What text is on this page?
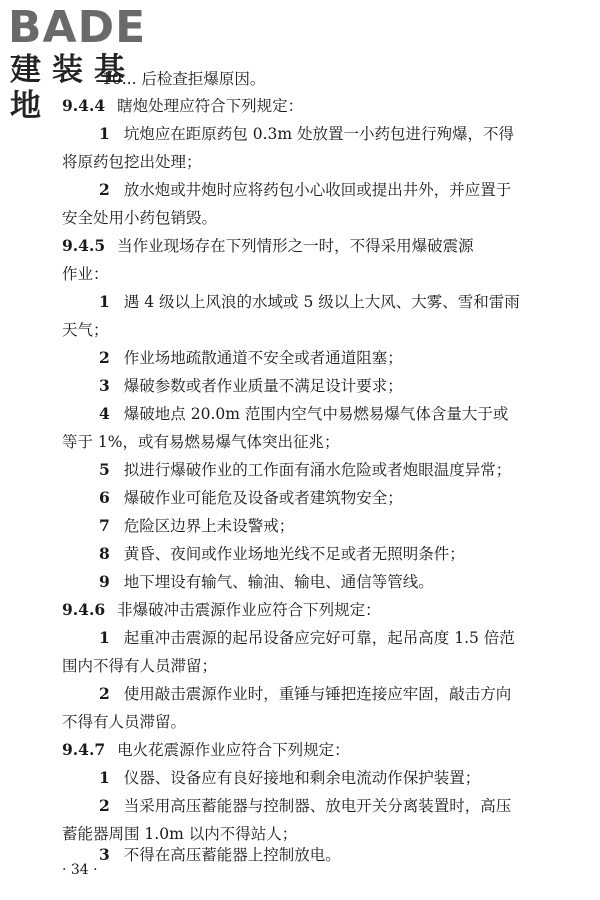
BADE
建装基地
10... 后检查拒爆原因。
9.4.4 瞎炮处理应符合下列规定：
1 坑炮应在距原药包 0.3m 处放置一小药包进行殉爆，不得
将原药包挖出处理；
2 放水炮或井炮时应将药包小心收回或提出井外，并应置于
安全处用小药包销毁。
9.4.5 当作业现场存在下列情形之一时，不得采用爆破震源
作业：
1 遇 4 级以上风浪的水域或 5 级以上大风、大雾、雪和雷雨
天气；
2 作业场地疏散通道不安全或者通道阻塞；
3 爆破参数或者作业质量不满足设计要求；
4 爆破地点 20.0m 范围内空气中易燃易爆气体含量大于或
等于 1%，或有易燃易爆气体突出征兆；
5 拟进行爆破作业的工作面有涌水危险或者炮眼温度异常；
6 爆破作业可能危及设备或者建筑物安全；
7 危险区边界上未设警戒；
8 黄昏、夜间或作业场地光线不足或者无照明条件；
9 地下埋设有输气、输油、输电、通信等管线。
9.4.6 非爆破冲击震源作业应符合下列规定：
1 起重冲击震源的起吊设备应完好可靠，起吊高度 1.5 倍范
围内不得有人员滞留；
2 使用敲击震源作业时，重锤与锤把连接应牢固，敲击方向
不得有人员滞留。
9.4.7 电火花震源作业应符合下列规定：
1 仪器、设备应有良好接地和剩余电流动作保护装置；
2 当采用高压蓄能器与控制器、放电开关分离装置时，高压
蓄能器周围 1.0m 以内不得站人；
3 不得在高压蓄能器上控制放电。
· 34 ·
